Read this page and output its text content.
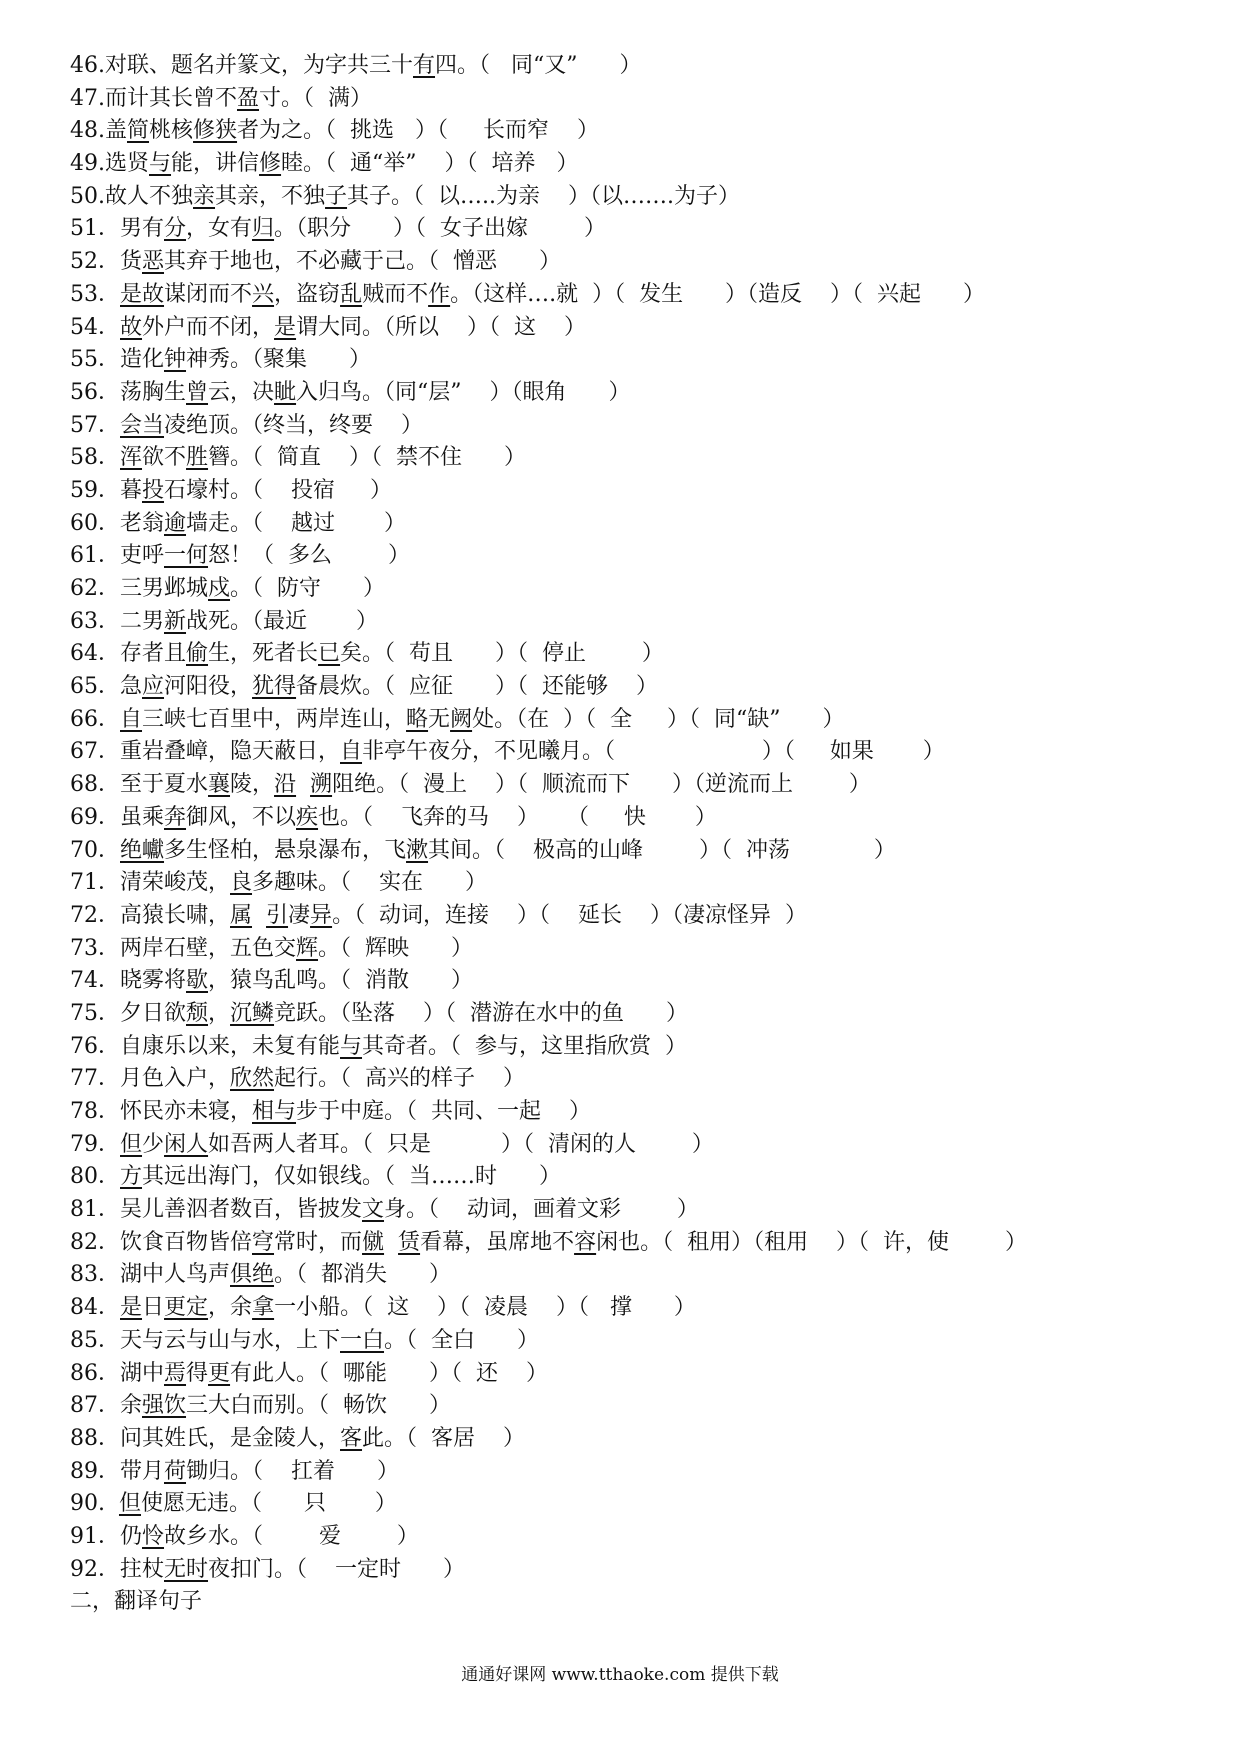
46.对联、题名并篆文，为字共三十有四。（   同“又”      ）
47.而计其长曾不盈寸。（  满）
48.盖简桃核修狭者为之。（  挑选   ）（     长而窄    ）
49.选贤与能，讲信修睦。（  通“举”    ）（  培养   ）
50.故人不独亲其亲，不独子其子。（  以…..为亲    ）（以…….为子）
51．男有分，女有归。（职分      ）（  女子出嫁        ）
52．货恶其弃于地也，不必藏于己。（  憎恶      ）
53．是故谋闭而不兴，盗窃乱贼而不作。（这样….就  ）（  发生      ）（造反    ）（  兴起      ）
54．故外户而不闭，是谓大同。（所以    ）（  这    ）
55．造化钟神秀。（聚集      ）
56．荡胸生曾云，决眦入归鸟。（同“层”    ）（眼角      ）
57．会当凌绝顶。（终当，终要    ）
58．浑欲不胜簪。（  简直    ）（  禁不住      ）
59．暮投石壕村。（    投宿     ）
60．老翁逾墙走。（    越过       ）
61．吏呼一何怒！（  多么        ）
62．三男邺城戍。（  防守      ）
63．二男新战死。（最近       ）
64．存者且偷生，死者长已矣。（  苟且      ）（  停止        ）
65．急应河阳役，犹得备晨炊。（  应征      ）（  还能够    ）
66．自三峡七百里中，两岸连山，略无阙处。（在  ）（  全     ）（  同“缺”      ）
67．重岩叠嶂，隐天蔽日，自非亭午夜分，不见曦月。（                     ）（     如果       ）
68．至于夏水襄陵，沿 溯阻绝。（  漫上    ）（  顺流而下      ）（逆流而上        ）
69．虽乘奔御风，不以疾也。（    飞奔的马    ）    （     快       ）
70．绝巘多生怪柏，悬泉瀑布，飞漱其间。（    极高的山峰        ）（  冲荡            ）
71．清荣峻茂，良多趣味。（    实在      ）
72．高猿长啸，属 引凄异。（  动词，连接    ）（    延长    ）（凄凉怪异  ）
73．两岸石壁，五色交辉。（  辉映      ）
74．晓雾将歇，猿鸟乱鸣。（  消散      ）
75．夕日欲颓，沉鳞竞跃。（坠落    ）（  潜游在水中的鱼      ）
76．自康乐以来，未复有能与其奇者。（  参与，这里指欣赏  ）
77．月色入户，欣然起行。（  高兴的样子    ）
78．怀民亦未寝，相与步于中庭。（  共同、一起    ）
79．但少闲人如吾两人者耳。（  只是          ）（  清闲的人        ）
80．方其远出海门，仅如银线。（  当……时      ）
81．吴儿善泅者数百，皆披发文身。（    动词，画着文彩        ）
82．饮食百物皆倍穹常时，而僦 赁看幕，虽席地不容闲也。（  租用）（租用    ）（  许，使        ）
83．湖中人鸟声俱绝。（  都消失      ）
84．是日更定，余拿一小船。（  这    ）（  凌晨    ）（   撑      ）
85．天与云与山与水，上下一白。（  全白      ）
86．湖中焉得更有此人。（  哪能      ）（  还    ）
87．余强饮三大白而别。（  畅饮      ）
88．问其姓氏，是金陵人，客此。（  客居    ）
89．带月荷锄归。（    扛着      ）
90.  但使愿无违。（      只       ）
91．仍怜故乡水。（        爱        ）
92．拄杖无时夜扣门。（    一定时      ）
二，翻译句子
通通好课网 www.tthaoke.com 提供下载
